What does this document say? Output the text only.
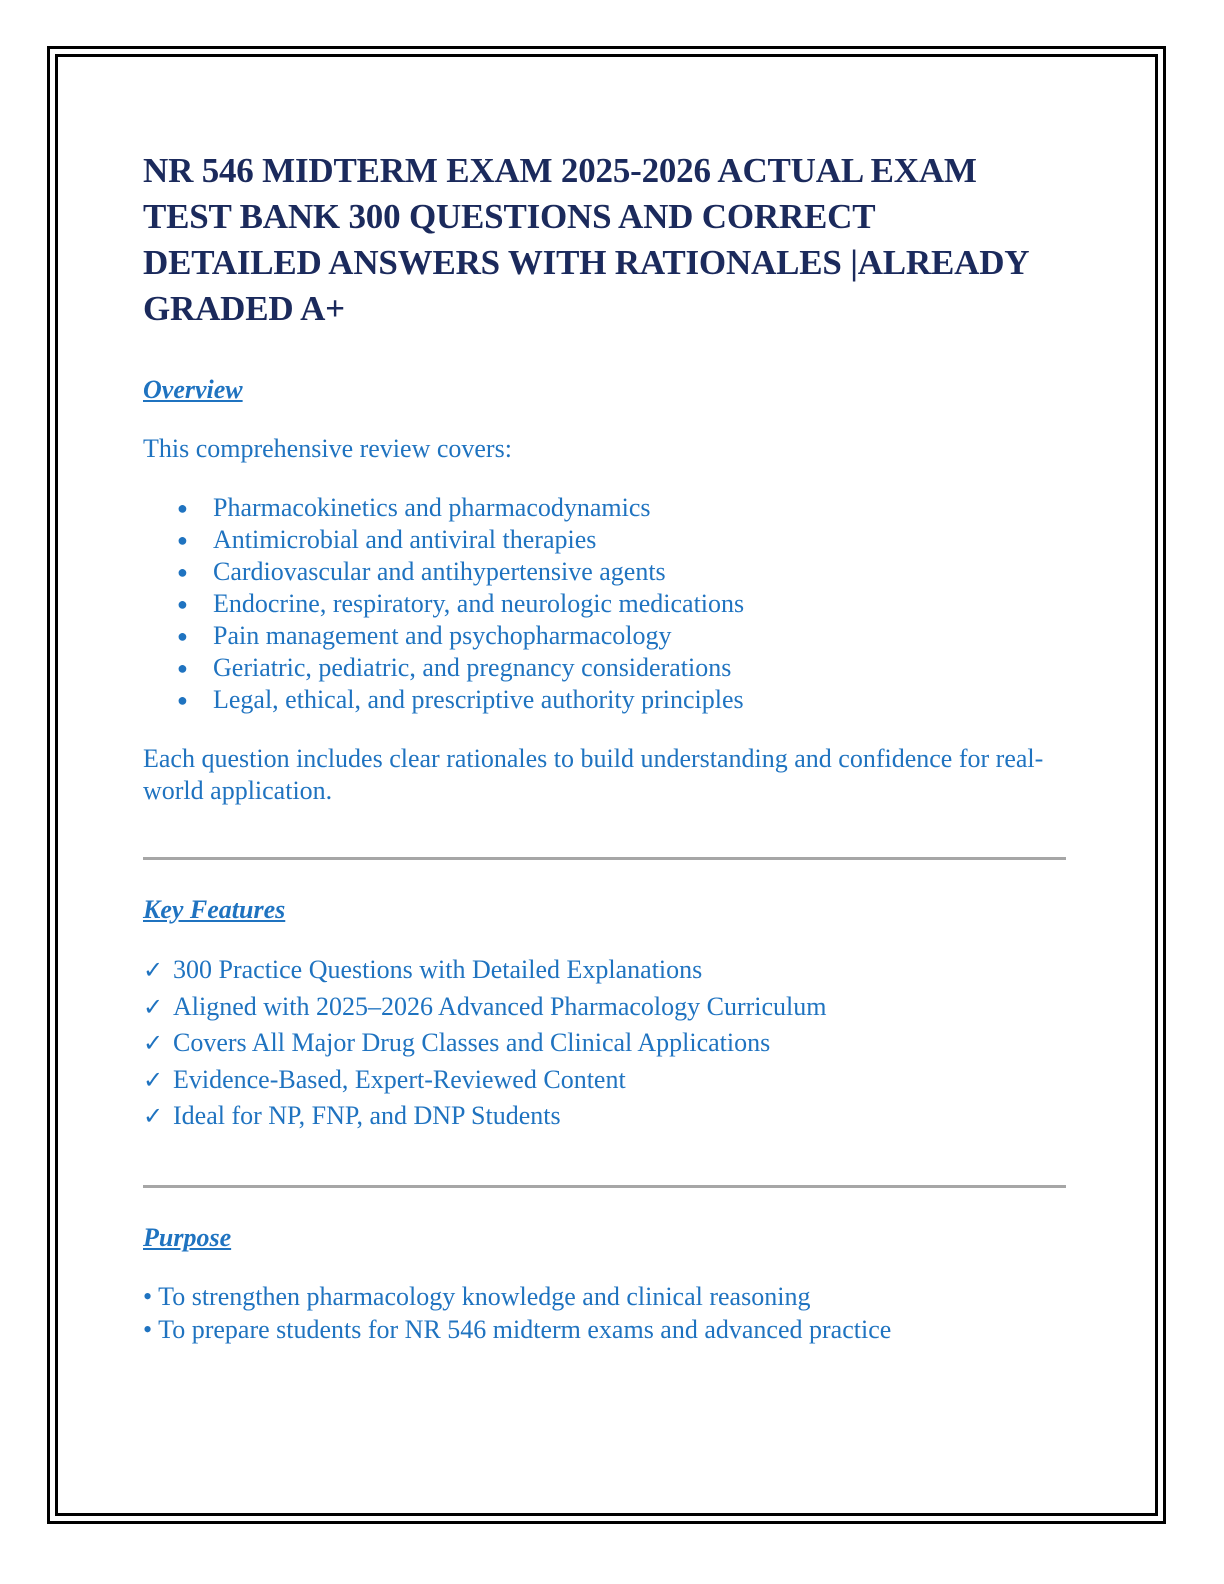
NR 546 MIDTERM EXAM 2025-2026 ACTUAL EXAM
TEST BANK 300 QUESTIONS AND CORRECT
DETAILED ANSWERS WITH RATIONALES |ALREADY
GRADED A+

Overview

This comprehensive review covers:

● Pharmacokinetics and pharmacodynamics
● Antimicrobial and antiviral therapies
● Cardiovascular and antihypertensive agents
● Endocrine, respiratory, and neurologic medications
● Pain management and psychopharmacology
● Geriatric, pediatric, and pregnancy considerations
● Legal, ethical, and prescriptive authority principles

Each question includes clear rationales to build understanding and confidence for real-world application.

Key Features

✓ 300 Practice Questions with Detailed Explanations

✓ Aligned with 2025–2026 Advanced Pharmacology Curriculum

✓ Covers All Major Drug Classes and Clinical Applications

✓ Evidence-Based, Expert-Reviewed Content

✓ Ideal for NP, FNP, and DNP Students

Purpose

• To strengthen pharmacology knowledge and clinical reasoning

• To prepare students for NR 546 midterm exams and advanced practice
